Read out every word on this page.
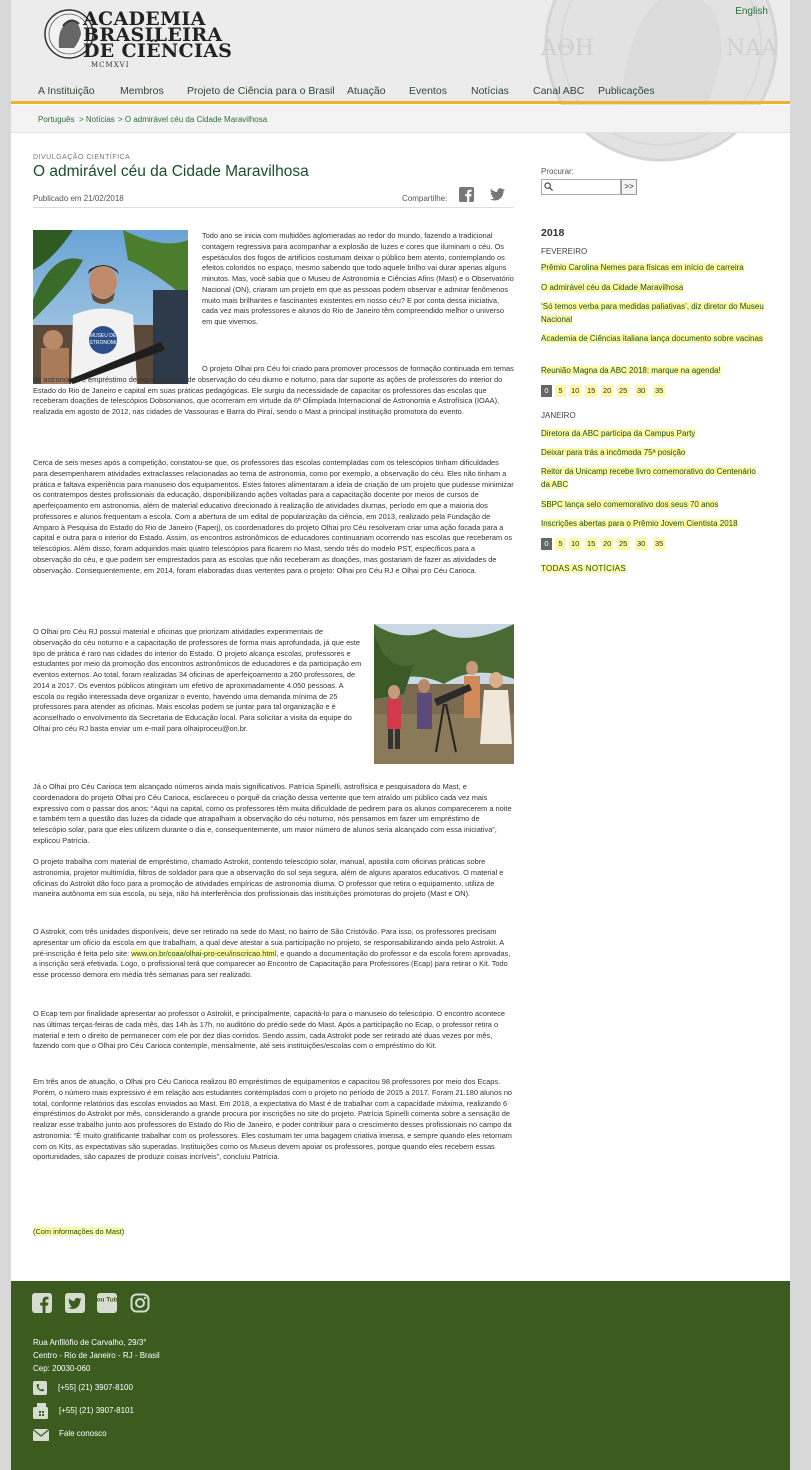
ΑΘΗ	ΝΑΑ
ACADEMIA
BRASILEIRA
DE CIÊNCIAS
MCMXVI
English
A Instituição Membros Projeto de Ciência para o Brasil Atuação Eventos Notícias Canal ABC Publicações
Português > Notícias > O admirável céu da Cidade Maravilhosa
DIVULGAÇÃO CIENTÍFICA
O admirável céu da Cidade Maravilhosa
Publicado em 21/02/2018	Compartilhe:
MUSEU DE
ASTRONOMIA
Todo ano se inicia com multidões aglomeradas ao redor do mundo, fazendo a tradicional contagem regressiva para acompanhar a explosão de luzes e cores que iluminam o céu. Os espetáculos dos fogos de artifícios costumam deixar o público bem atento, contemplando os efeitos coloridos no espaço, mesmo sabendo que todo aquele brilho vai durar apenas alguns minutos. Mas, você sabia que o Museu de Astronomia e Ciências Afins (Mast) e o Observatório Nacional (ON), criaram um projeto em que as pessoas podem observar e admirar fenômenos muito mais brilhantes e fascinantes existentes em nosso céu? E por conta dessa iniciativa, cada vez mais professores e alunos do Rio de Janeiro têm compreendido melhor o universo em que vivemos.
O projeto Olhai pro Céu foi criado para promover processos de formação continuada em temas de astronomia e empréstimo de equipamentos de observação do céu diurno e noturno, para dar suporte as ações de professores do interior do Estado do Rio de Janeiro e capital em suas práticas pedagógicas. Ele surgiu da necessidade de capacitar os professores das escolas que receberam doações de telescópios Dobsonianos, que ocorreram em virtude da 6ª Olimpíada Internacional de Astronomia e Astrofísica (IOAA), realizada em agosto de 2012, nas cidades de Vassouras e Barra do Piraí, sendo o Mast a principal instituição promotora do evento.
Cerca de seis meses após a competição, constatou-se que, os professores das escolas contempladas com os telescópios tinham dificuldades para desempenharem atividades extraclasses relacionadas ao tema de astronomia, como por exemplo, a observação do céu. Eles não tinham a prática e faltava experiência para manuseio dos equipamentos. Estes fatores alimentaram a ideia de criação de um projeto que pudesse minimizar os contratempos destes profissionais da educação, disponibilizando ações voltadas para a capacitação docente por meios de cursos de aperfeiçoamento em astronomia, além de material educativo direcionado à realização de atividades diurnas, período em que a maioria dos professores e alunos frequentam a escola. Com a abertura de um edital de popularização da ciência, em 2013, realizado pela Fundação de Amparo à Pesquisa do Estado do Rio de Janeiro (Faperj), os coordenadores do projeto Olhai pro Céu resolveram criar uma ação focada para a capital e outra para o interior do Estado. Assim, os encontros astronômicos de educadores continuariam ocorrendo nas escolas que receberam os telescópios. Além disso, foram adquiridos mais quatro telescópios para ficarem no Mast, sendo três do modelo PST, específicos para a observação do céu, e que podem ser emprestados para as escolas que não receberam as doações, mas gostariam de fazer as atividades de observação. Consequentemente, em 2014, foram elaboradas duas vertentes para o projeto: Olhai pro Céu RJ e Olhai pro Céu Carioca.
O Olhai pro Céu RJ possui material e oficinas que priorizam atividades experimentais de observação do céu noturno e a capacitação de professores de forma mais aprofundada, já que este tipo de prática é raro nas cidades do interior do Estado. O projeto alcança escolas, professores e estudantes por meio da promoção dos encontros astronômicos de educadores e da participação em eventos externos. Ao total, foram realizadas 34 oficinas de aperfeiçoamento a 260 professores, de 2014 a 2017. Os eventos públicos atingiram um efetivo de aproximadamente 4.050 pessoas. A escola ou região interessada deve organizar o evento, havendo uma demanda mínima de 25 professores para atender as oficinas. Mais escolas podem se juntar para tal organização e é aconselhado o envolvimento da Secretaria de Educação local. Para solicitar a visita da equipe do Olhai pro céu RJ basta enviar um e-mail para olhaiproceu@on.br.
Já o Olhai pro Céu Carioca tem alcançado números ainda mais significativos. Patrícia Spinelli, astrofísica e pesquisadora do Mast, e coordenadora do projeto Olhai pro Céu Carioca, esclareceu o porquê da criação dessa vertente que tem atraído um público cada vez mais expressivo com o passar dos anos: “Aqui na capital, como os professores têm muita dificuldade de pedirem para os alunos comparecerem a noite e também tem a questão das luzes da cidade que atrapalham a observação do céu noturno, nós pensamos em fazer um empréstimo de telescópio solar, para que eles utilizem durante o dia e, consequentemente, um maior número de alunos seria alcançado com essa iniciativa”, explicou Patrícia.
O projeto trabalha com material de empréstimo, chamado Astrokit, contendo telescópio solar, manual, apostila com oficinas práticas sobre astronomia, projetor multimídia, filtros de soldador para que a observação do sol seja segura, além de alguns aparatos educativos. O material e oficinas do Astrokit dão foco para a promoção de atividades empíricas de astronomia diurna. O professor que retira o equipamento, utiliza de maneira autônoma em sua escola, ou seja, não há interferência dos profissionais das instituições promotoras do projeto (Mast e ON).
O Astrokit, com três unidades disponíveis, deve ser retirado na sede do Mast, no bairro de São Cristóvão. Para isso, os professores precisam apresentar um ofício da escola em que trabalham, a qual deve atestar a sua participação no projeto, se responsabilizando ainda pelo Astrokit. A pré-inscrição é feita pelo site: www.on.br/coaa/olhai-pro-ceu/inscricao.html, e quando a documentação do professor e da escola forem aprovadas, a inscrição será efetivada. Logo, o profissional terá que comparecer ao Encontro de Capacitação para Professores (Ecap) para retirar o Kit. Todo esse processo demora em média três semanas para ser realizado.
O Ecap tem por finalidade apresentar ao professor o Astrokit, e principalmente, capacitá-lo para o manuseio do telescópio. O encontro acontece nas últimas terças-feiras de cada mês, das 14h às 17h, no auditório do prédio sede do Mast. Após a participação no Ecap, o professor retira o material e tem o direito de permanecer com ele por dez dias corridos. Sendo assim, cada Astrokit pode ser retirado até duas vezes por mês, fazendo com que o Olhai pro Céu Carioca contemple, mensalmente, até seis instituições/escolas com o empréstimo do Kit.
Em três anos de atuação, o Olhai pro Céu Carioca realizou 80 empréstimos de equipamentos e capacitou 98 professores por meio dos Ecaps. Porém, o número mais expressivo é em relação aos estudantes contemplados com o projeto no período de 2015 a 2017. Foram 21.180 alunos no total, conforme relatórios das escolas enviados ao Mast. Em 2018, a expectativa do Mast é de trabalhar com a capacidade máxima, realizando 6 empréstimos do Astrokit por mês, considerando a grande procura por inscrições no site do projeto. Patrícia Spinelli comenta sobre a sensação de realizar esse trabalho junto aos professores do Estado do Rio de Janeiro, e poder contribuir para o crescimento desses profissionais no campo da astronomia: “É muito gratificante trabalhar com os professores. Eles costumam ter uma bagagem criativa imensa, e sempre quando eles retornam com os Kits, as expectativas são superadas. Instituições como os Museus devem apoiar os professores, porque quando eles recebem essas oportunidades, são capazes de produzir coisas incríveis”, concluiu Patrícia.
(Com informações do Mast)
Procurar:
>>
2018
FEVEREIRO
Prêmio Carolina Nemes para físicas em início de carreira
O admirável céu da Cidade Maravilhosa
‘Só temos verba para medidas paliativas’, diz diretor do Museu Nacional
Academia de Ciências italiana lança documento sobre vacinas
Reunião Magna da ABC 2018: marque na agenda!
0	5	10 15 20 25 30 35
JANEIRO
Diretora da ABC participa da Campus Party
Deixar para trás a incômoda 75ª posição
Reitor da Unicamp recebe livro comemorativo do Centenário da ABC
SBPC lança selo comemorativo dos seus 70 anos
Inscrições abertas para o Prêmio Jovem Cientista 2018
0	5	10 15 20 25 30 35
TODAS AS NOTÍCIAS
You Tube
Rua Anfilófio de Carvalho, 29/3°
Centro - Rio de Janeiro - RJ - Brasil
Cep: 20030-060
[+55] (21) 3907-8100
[+55] (21) 3907-8101
Fale conosco
